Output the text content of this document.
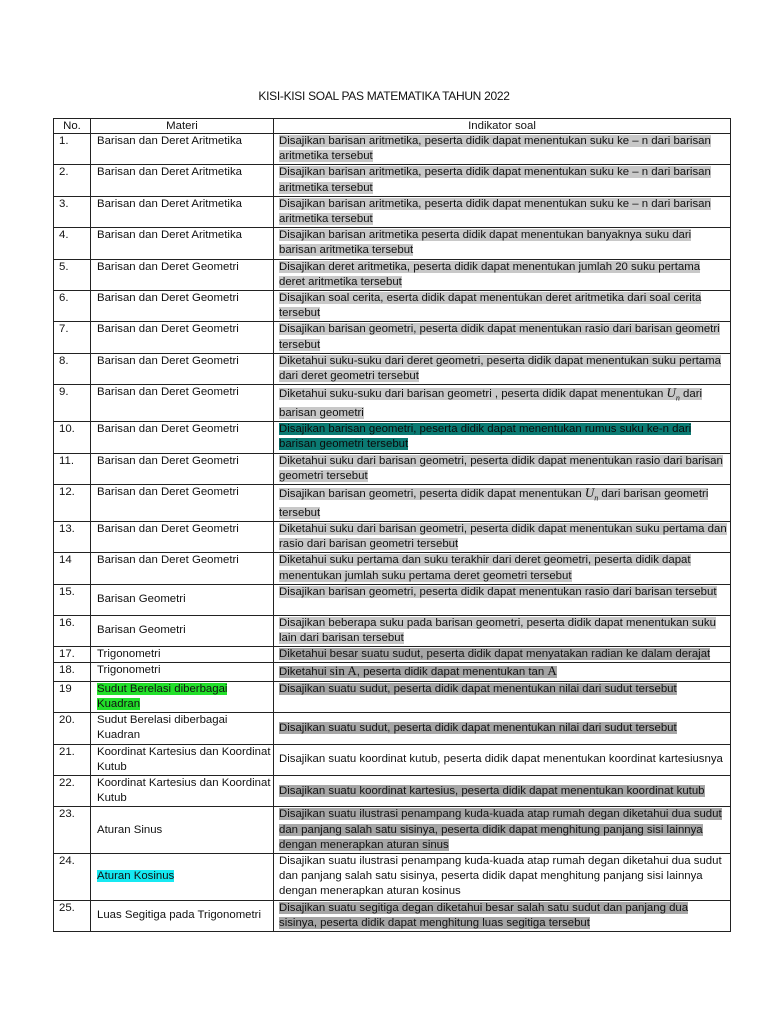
KISI-KISI SOAL PAS MATEMATIKA TAHUN 2022
No.	Materi	Indikator soal
1.	Barisan dan Deret Aritmetika	Disajikan barisan aritmetika, peserta didik dapat menentukan suku ke – n dari barisan aritmetika tersebut
2.	Barisan dan Deret Aritmetika	Disajikan barisan aritmetika, peserta didik dapat menentukan suku ke – n dari barisan aritmetika tersebut
3.	Barisan dan Deret Aritmetika	Disajikan barisan aritmetika, peserta didik dapat menentukan suku ke – n dari barisan aritmetika tersebut
4.	Barisan dan Deret Aritmetika	Disajikan barisan aritmetika peserta didik dapat menentukan banyaknya suku dari barisan aritmetika tersebut
5.	Barisan dan Deret Geometri	Disajikan deret aritmetika, peserta didik dapat menentukan jumlah 20 suku pertama deret aritmetika tersebut
6.	Barisan dan Deret Geometri	Disajikan soal cerita, eserta didik dapat menentukan deret aritmetika dari soal cerita tersebut
7.	Barisan dan Deret Geometri	Disajikan barisan geometri, peserta didik dapat menentukan rasio dari barisan geometri tersebut
8.	Barisan dan Deret Geometri	Diketahui suku-suku dari deret geometri, peserta didik dapat menentukan suku pertama dari deret geometri tersebut
9.	Barisan dan Deret Geometri	Diketahui suku-suku dari barisan geometri , peserta didik dapat menentukan $U_n$ dari barisan geometri
10.	Barisan dan Deret Geometri	Disajikan barisan geometri, peserta didik dapat menentukan rumus suku ke-n dari barisan geometri tersebut
11.	Barisan dan Deret Geometri	Diketahui suku dari barisan geometri, peserta didik dapat menentukan rasio dari barisan geometri tersebut
12.	Barisan dan Deret Geometri	Disajikan barisan geometri, peserta didik dapat menentukan $U_n$ dari barisan geometri tersebut
13.	Barisan dan Deret Geometri	Diketahui suku dari barisan geometri, peserta didik dapat menentukan suku pertama dan rasio dari barisan geometri tersebut
14	Barisan dan Deret Geometri	Diketahui suku pertama dan suku terakhir dari deret geometri, peserta didik dapat menentukan jumlah suku pertama deret geometri tersebut
15.	Barisan Geometri	Disajikan barisan geometri, peserta didik dapat menentukan rasio dari barisan tersebut
16.	Barisan Geometri	Disajikan beberapa suku pada barisan geometri, peserta didik dapat menentukan suku lain dari barisan tersebut
17.	Trigonometri	Diketahui besar suatu sudut, peserta didik dapat menyatakan radian ke dalam derajat
18.	Trigonometri	Diketahui sin A, peserta didik dapat menentukan tan A
19	Sudut Berelasi diberbagai Kuadran	Disajikan suatu sudut, peserta didik dapat menentukan nilai dari sudut tersebut
20.	Sudut Berelasi diberbagai Kuadran	Disajikan suatu sudut, peserta didik dapat menentukan nilai dari sudut tersebut
21.	Koordinat Kartesius dan Koordinat Kutub	Disajikan suatu koordinat kutub, peserta didik dapat menentukan koordinat kartesiusnya
22.	Koordinat Kartesius dan Koordinat Kutub	Disajikan suatu koordinat kartesius, peserta didik dapat menentukan koordinat kutub
23.	Aturan Sinus	Disajikan suatu ilustrasi penampang kuda-kuada atap rumah degan diketahui dua sudut dan panjang salah satu sisinya, peserta didik dapat menghitung panjang sisi lainnya dengan menerapkan aturan sinus
24.	Aturan Kosinus	Disajikan suatu ilustrasi penampang kuda-kuada atap rumah degan diketahui dua sudut dan panjang salah satu sisinya, peserta didik dapat menghitung panjang sisi lainnya dengan menerapkan aturan kosinus
25.	Luas Segitiga pada Trigonometri	Disajikan suatu segitiga degan diketahui besar salah satu sudut dan panjang dua sisinya, peserta didik dapat menghitung luas segitiga tersebut
